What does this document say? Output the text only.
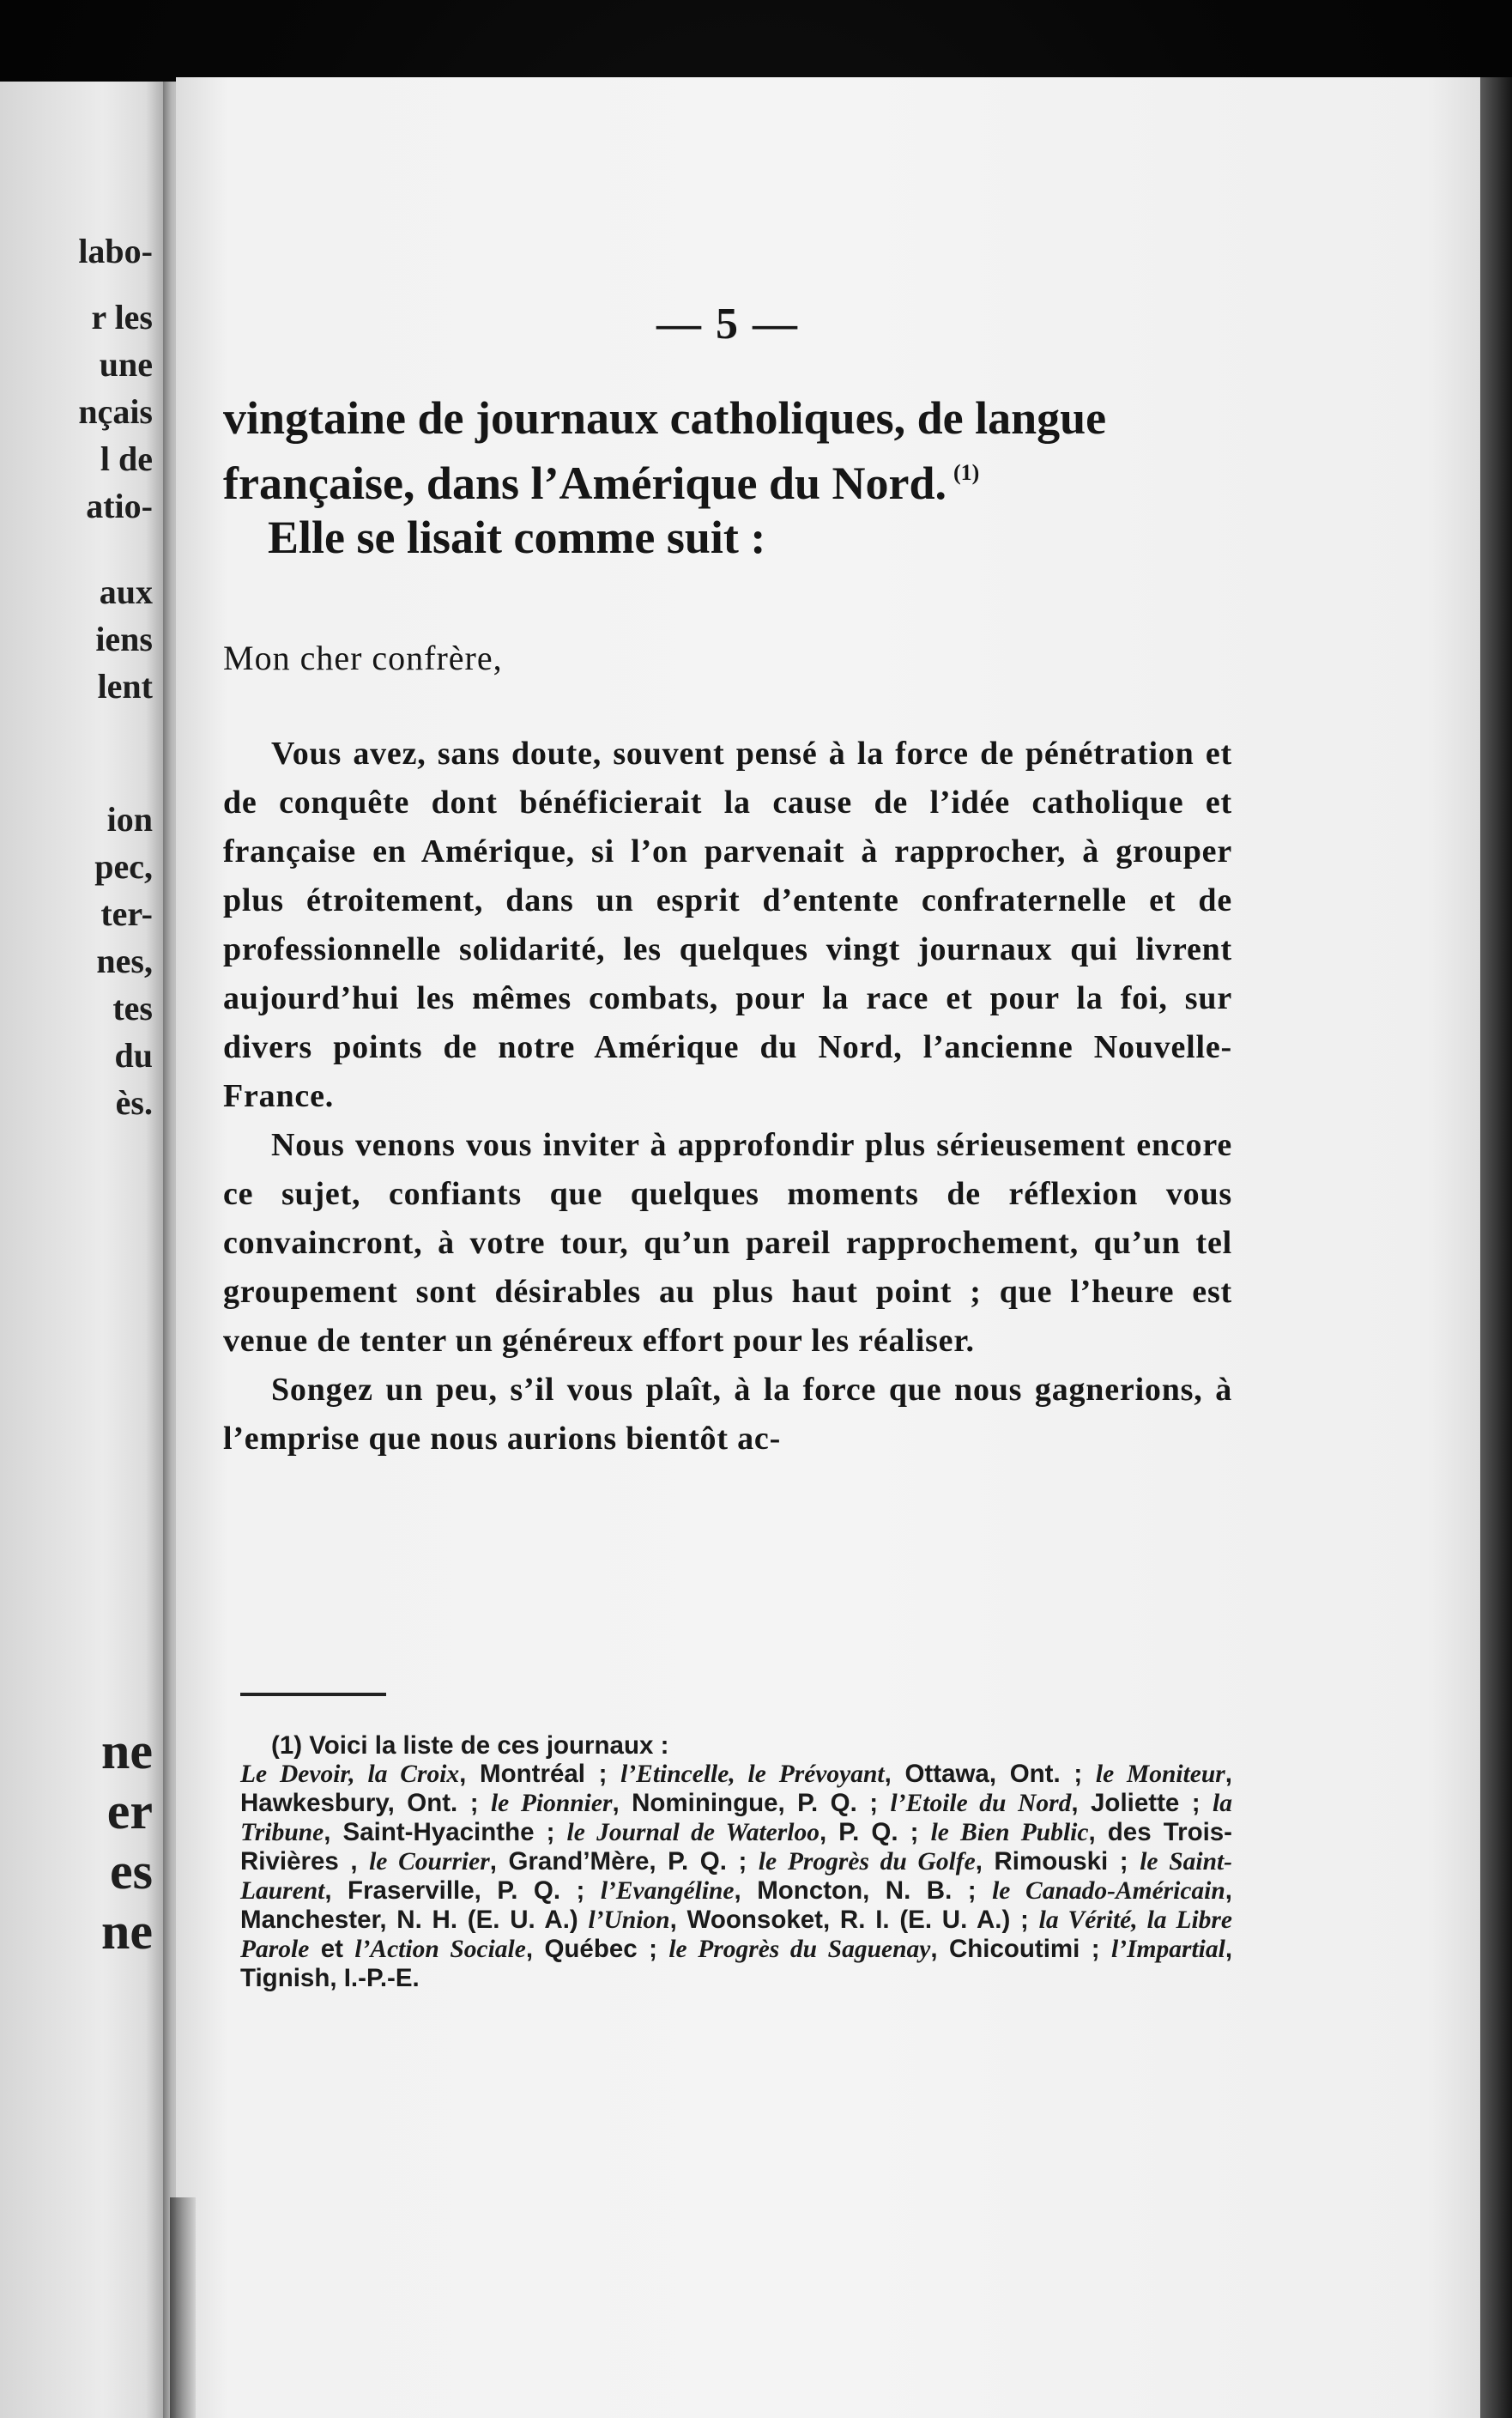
labo-
r les
une
nçais
l de
atio-
aux
iens
lent
ion
pec,
ter-
nes,
tes
du
ès.
ne
er
es
ne
— 5 —

vingtaine de journaux catholiques, de langue

française, dans l’Amérique du Nord. $^{(1)}$

Elle se lisait comme suit :

Mon cher confrère,

Vous avez, sans doute, souvent pensé à la force de pénétration et de conquête dont bénéficierait la cause de l’idée catholique et française en Amérique, si l’on parvenait à rapprocher, à grouper plus étroitement, dans un esprit d’entente confraternelle et de professionnelle solidarité, les quelques vingt journaux qui livrent aujourd’hui les mêmes combats, pour la race et pour la foi, sur divers points de notre Amérique du Nord, l’ancienne Nouvelle-France.

Nous venons vous inviter à approfondir plus sérieusement encore ce sujet, confiants que quelques moments de réflexion vous convaincront, à votre tour, qu’un pareil rapprochement, qu’un tel groupement sont désirables au plus haut point ; que l’heure est venue de tenter un généreux effort pour les réaliser.

Songez un peu, s’il vous plaît, à la force que nous gagnerions, à l’emprise que nous aurions bientôt ac-

(1) Voici la liste de ces journaux :

Le Devoir, la Croix, Montréal ; l’Etincelle, le Prévoyant, Ottawa, Ont. ; le Moniteur, Hawkesbury, Ont. ; le Pionnier, Nominingue, P. Q. ; l’Etoile du Nord, Joliette ; la Tribune, Saint-Hyacinthe ; le Journal de Waterloo, P. Q. ; le Bien Public, des Trois-Rivières , le Courrier, Grand’Mère, P. Q. ; le Progrès du Golfe, Rimouski ; le Saint-Laurent, Fraserville, P. Q. ; l’Evangéline, Moncton, N. B. ; le Canado-Américain, Manchester, N. H. (E. U. A.) l’Union, Woonsoket, R. I. (E. U. A.) ; la Vérité, la Libre Parole et l’Action Sociale, Québec ; le Progrès du Saguenay, Chicoutimi ; l’Impartial, Tignish, I.-P.-E.
